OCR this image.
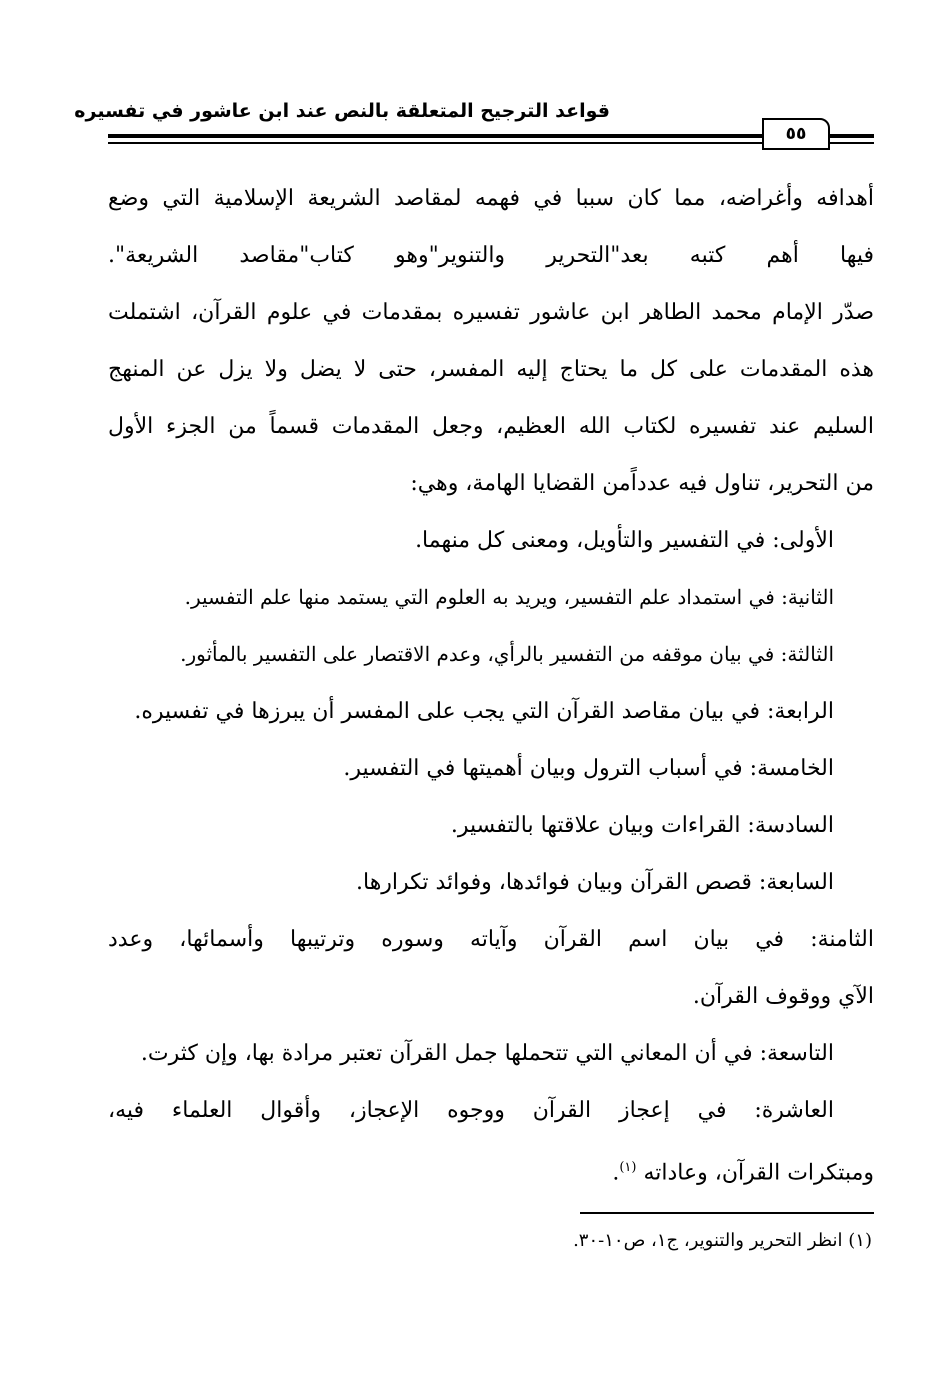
قواعد الترجيح المتعلقة بالنص عند ابن عاشور في تفسيره
٥٥
أهدافه وأغراضه، مما كان سببا في فهمه لمقاصد الشريعة الإسلامية التي وضع
فيها أهم كتبه بعد"التحرير والتنوير"وهو كتاب"مقاصد الشريعة".
صدّر الإمام محمد الطاهر ابن عاشور تفسيره بمقدمات في علوم القرآن، اشتملت
هذه المقدمات على كل ما يحتاج إليه المفسر، حتى لا يضل ولا يزل عن المنهج
السليم عند تفسيره لكتاب الله العظيم، وجعل المقدمات قسماً من الجزء الأول
من التحرير، تناول فيه عدداًمن القضايا الهامة، وهي:
الأولى: في التفسير والتأويل، ومعنى كل منهما.
الثانية: في استمداد علم التفسير، ويريد به العلوم التي يستمد منها علم التفسير.
الثالثة: في بيان موقفه من التفسير بالرأي، وعدم الاقتصار على التفسير بالمأثور.
الرابعة: في بيان مقاصد القرآن التي يجب على المفسر أن يبرزها في تفسيره.
الخامسة: في أسباب الترول وبيان أهميتها في التفسير.
السادسة: القراءات وبيان علاقتها بالتفسير.
السابعة: قصص القرآن وبيان فوائدها، وفوائد تكرارها.
الثامنة: في بيان اسم القرآن وآياته وسوره وترتيبها وأسمائها، وعدد
الآي ووقوف القرآن.
التاسعة: في أن المعاني التي تتحملها جمل القرآن تعتبر مرادة بها، وإن كثرت.
العاشرة: في إعجاز القرآن ووجوه الإعجاز، وأقوال العلماء فيه،
ومبتكرات القرآن، وعاداته $^{(١)}$.
(١) انظر التحرير والتنوير، ج١، ص١٠-٣٠.
